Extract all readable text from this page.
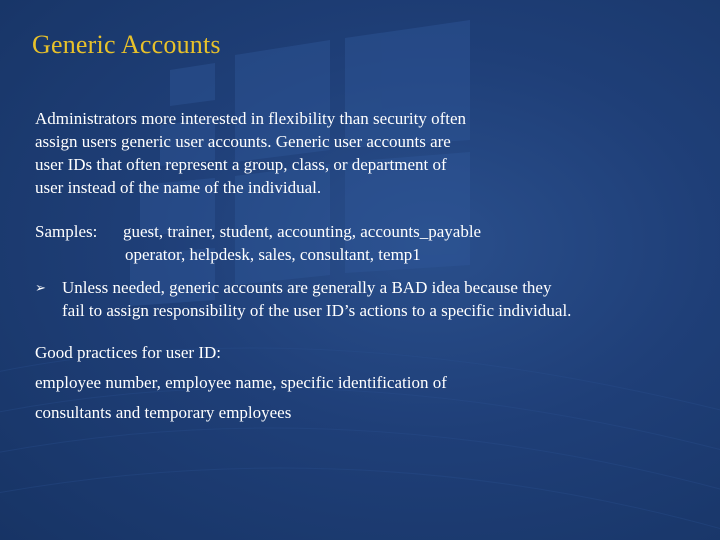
Generic Accounts
Administrators more interested in flexibility than security often
assign users generic user accounts. Generic user accounts are
user IDs that often represent a group, class, or department of
user instead of the name of the individual.
Samples: guest, trainer, student, accounting, accounts_payable
operator, helpdesk, sales, consultant, temp1
➢ Unless needed, generic accounts are generally a BAD idea because they
fail to assign responsibility of the user ID’s actions to a specific individual.
Good practices for user ID:
employee number, employee name, specific identification of
consultants and temporary employees
